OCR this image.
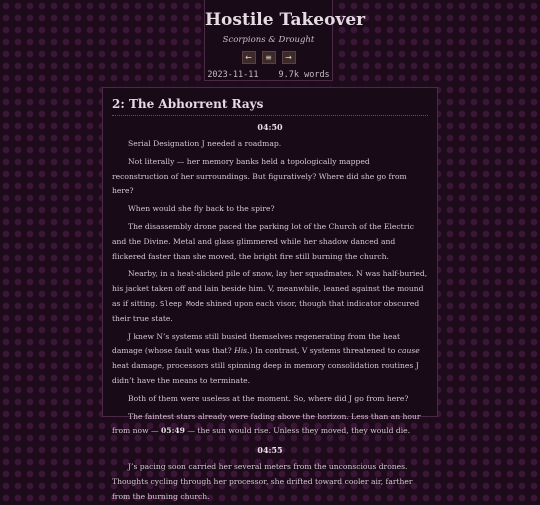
Hostile Takeover
Scorpions & Drought
←	≡	→
2023-11-11 9.7k words
2: The Abhorrent Rays
04:50

Serial Designation J needed a roadmap.

Not literally — her memory banks held a topologically mapped reconstruction of her surroundings. But figuratively? Where did she go from here?

When would she fly back to the spire?

The disassembly drone paced the parking lot of the Church of the Electric and the Divine. Metal and glass glimmered while her shadow danced and flickered faster than she moved, the bright fire still burning the church.

Nearby, in a heat-slicked pile of snow, lay her squadmates. N was half-buried, his jacket taken off and lain beside him. V, meanwhile, leaned against the mound as if sitting. Sleep Mode shined upon each visor, though that indicator obscured their true state.

J knew N’s systems still busied themselves regenerating from the heat damage (whose fault was that? His.) In contrast, V systems threatened to cause heat damage, processors still spinning deep in memory consolidation routines J didn’t have the means to terminate.

Both of them were useless at the moment. So, where did J go from here?

The faintest stars already were fading above the horizon. Less than an hour from now — 05:49 — the sun would rise. Unless they moved, they would die.

04:55

J’s pacing soon carried her several meters from the unconscious drones. Thoughts cycling through her processor, she drifted toward cooler air, farther from the burning church.
